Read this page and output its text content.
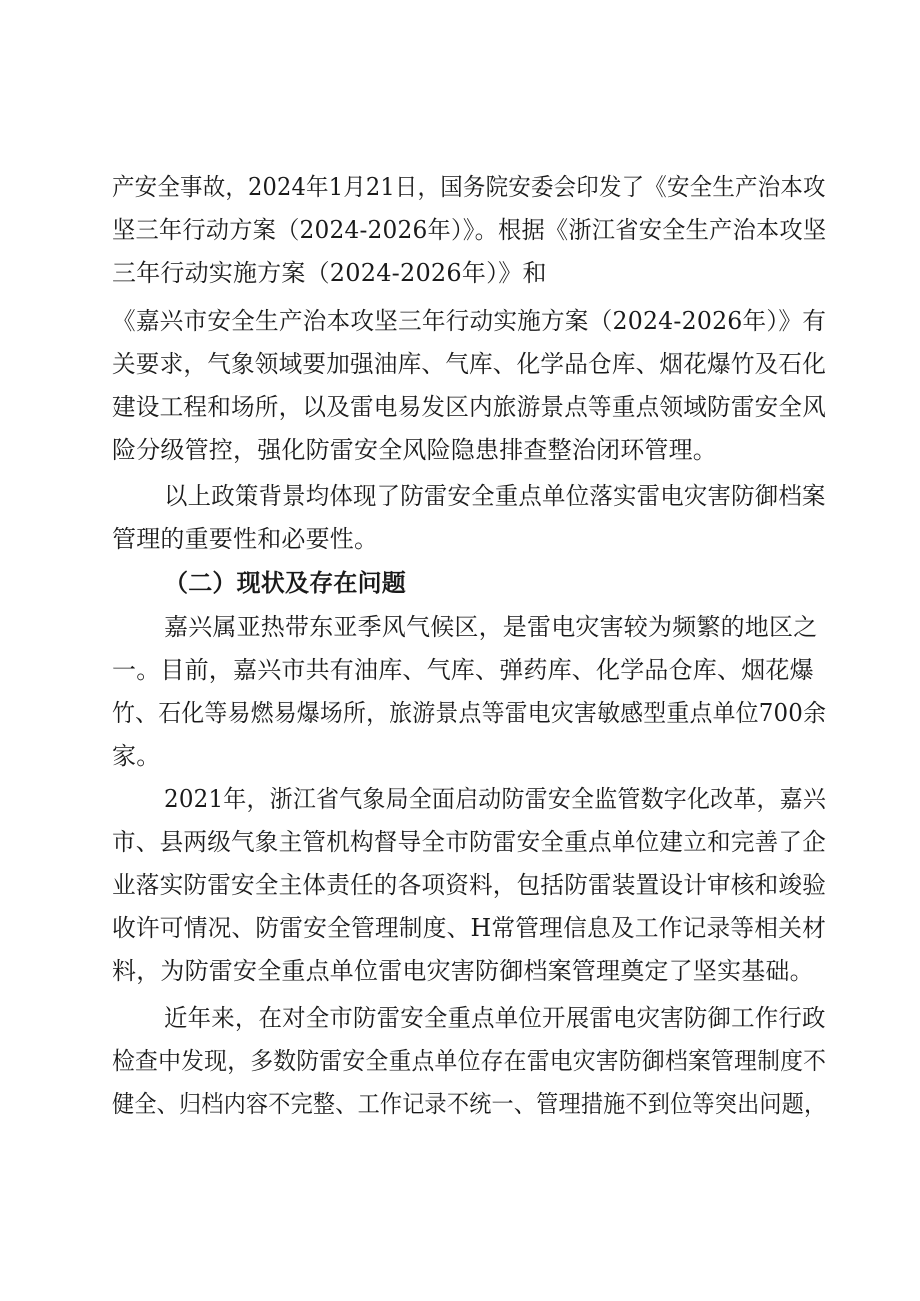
产安全事故，2024年1月21日，国务院安委会印发了《安全生产治本攻
坚三年行动方案（2024-2026年）》。根据《浙江省安全生产治本攻坚
三年行动实施方案（2024-2026年）》和
《嘉兴市安全生产治本攻坚三年行动实施方案（2024-2026年）》有
关要求，气象领域要加强油库、气库、化学品仓库、烟花爆竹及石化
建设工程和场所，以及雷电易发区内旅游景点等重点领域防雷安全风
险分级管控，强化防雷安全风险隐患排查整治闭环管理。
以上政策背景均体现了防雷安全重点单位落实雷电灾害防御档案
管理的重要性和必要性。
（二）现状及存在问题
嘉兴属亚热带东亚季风气候区，是雷电灾害较为频繁的地区之
一。目前，嘉兴市共有油库、气库、弹药库、化学品仓库、烟花爆
竹、石化等易燃易爆场所，旅游景点等雷电灾害敏感型重点单位700余
家。
2021年，浙江省气象局全面启动防雷安全监管数字化改革，嘉兴
市、县两级气象主管机构督导全市防雷安全重点单位建立和完善了企
业落实防雷安全主体责任的各项资料，包括防雷装置设计审核和竣验
收许可情况、防雷安全管理制度、H常管理信息及工作记录等相关材
料，为防雷安全重点单位雷电灾害防御档案管理奠定了坚实基础。
近年来，在对全市防雷安全重点单位开展雷电灾害防御工作行政
检查中发现，多数防雷安全重点单位存在雷电灾害防御档案管理制度不
健全、归档内容不完整、工作记录不统一、管理措施不到位等突出问题，
